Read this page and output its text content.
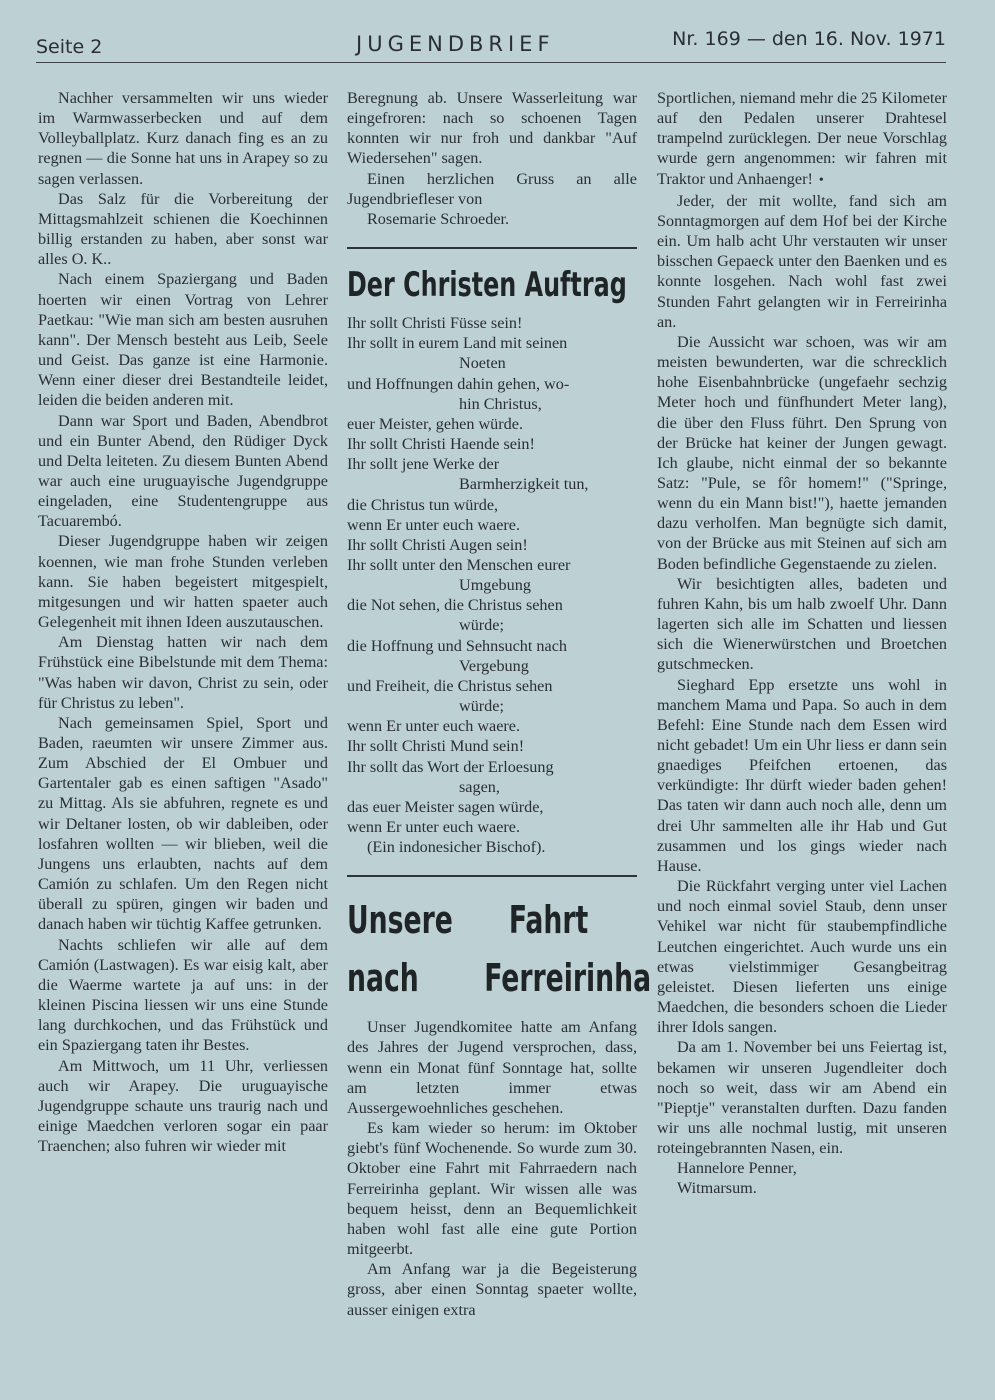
Seite 2	JUGENDBRIEF	Nr. 169 — den 16. Nov. 1971

Nachher versammelten wir uns wieder im Warmwasserbecken und auf dem Volleyballplatz. Kurz danach fing es an zu regnen — die Sonne hat uns in Arapey so zu sagen verlassen.

Das Salz für die Vorbereitung der Mittagsmahlzeit schienen die Koechinnen billig erstanden zu haben, aber sonst war alles O. K..

Nach einem Spaziergang und Baden hoerten wir einen Vortrag von Lehrer Paetkau: "Wie man sich am besten ausruhen kann". Der Mensch besteht aus Leib, Seele und Geist. Das ganze ist eine Harmonie. Wenn einer dieser drei Bestandteile leidet, leiden die beiden anderen mit.

Dann war Sport und Baden, Abendbrot und ein Bunter Abend, den Rüdiger Dyck und Delta leiteten. Zu diesem Bunten Abend war auch eine uruguayische Jugendgruppe eingeladen, eine Studentengruppe aus Tacuarembó.

Dieser Jugendgruppe haben wir zeigen koennen, wie man frohe Stunden verleben kann. Sie haben begeistert mitgespielt, mitgesungen und wir hatten spaeter auch Gelegenheit mit ihnen Ideen auszutauschen.

Am Dienstag hatten wir nach dem Frühstück eine Bibelstunde mit dem Thema: "Was haben wir davon, Christ zu sein, oder für Christus zu leben".

Nach gemeinsamen Spiel, Sport und Baden, raeumten wir unsere Zimmer aus. Zum Abschied der El Ombuer und Gartentaler gab es einen saftigen "Asado" zu Mittag. Als sie abfuhren, regnete es und wir Deltaner losten, ob wir dableiben, oder losfahren wollten — wir blieben, weil die Jungens uns erlaubten, nachts auf dem Camión zu schlafen. Um den Regen nicht überall zu spüren, gingen wir baden und danach haben wir tüchtig Kaffee getrunken.

Nachts schliefen wir alle auf dem Camión (Lastwagen). Es war eisig kalt, aber die Waerme wartete ja auf uns: in der kleinen Piscina liessen wir uns eine Stunde lang durchkochen, und das Frühstück und ein Spaziergang taten ihr Bestes.

Am Mittwoch, um 11 Uhr, verliessen auch wir Arapey. Die uruguayische Jugendgruppe schaute uns traurig nach und einige Maedchen verloren sogar ein paar Traenchen; also fuhren wir wieder mit

Beregnung ab. Unsere Wasserleitung war eingefroren: nach so schoenen Tagen konnten wir nur froh und dankbar "Auf Wiedersehen" sagen.

Einen herzlichen Gruss an alle Jugendbriefleser von

Rosemarie Schroeder.

Der Christen Auftrag
Ihr sollt Christi Füsse sein!
Ihr sollt in eurem Land mit seinen
Noeten
und Hoffnungen dahin gehen, wo-
hin Christus,
euer Meister, gehen würde.
Ihr sollt Christi Haende sein!
Ihr sollt jene Werke der
Barmherzigkeit tun,
die Christus tun würde,
wenn Er unter euch waere.
Ihr sollt Christi Augen sein!
Ihr sollt unter den Menschen eurer
Umgebung
die Not sehen, die Christus sehen
würde;
die Hoffnung und Sehnsucht nach
Vergebung
und Freiheit, die Christus sehen
würde;
wenn Er unter euch waere.
Ihr sollt Christi Mund sein!
Ihr sollt das Wort der Erloesung
sagen,
das euer Meister sagen würde,
wenn Er unter euch waere.

(Ein indonesicher Bischof).

Unsere Fahrt
nach Ferreirinha

Unser Jugendkomitee hatte am Anfang des Jahres der Jugend versprochen, dass, wenn ein Monat fünf Sonntage hat, sollte am letzten immer etwas Aussergewoehnliches geschehen.

Es kam wieder so herum: im Oktober giebt's fünf Wochenende. So wurde zum 30. Oktober eine Fahrt mit Fahrraedern nach Ferreirinha geplant. Wir wissen alle was bequem heisst, denn an Bequemlichkeit haben wohl fast alle eine gute Portion mitgeerbt.

Am Anfang war ja die Begeisterung gross, aber einen Sonntag spaeter wollte, ausser einigen extra

Sportlichen, niemand mehr die 25 Kilometer auf den Pedalen unserer Drahtesel trampelnd zurücklegen. Der neue Vorschlag wurde gern angenommen: wir fahren mit Traktor und Anhaenger! •

Jeder, der mit wollte, fand sich am Sonntagmorgen auf dem Hof bei der Kirche ein. Um halb acht Uhr verstauten wir unser bisschen Gepaeck unter den Baenken und es konnte losgehen. Nach wohl fast zwei Stunden Fahrt gelangten wir in Ferreirinha an.

Die Aussicht war schoen, was wir am meisten bewunderten, war die schrecklich hohe Eisenbahnbrücke (ungefaehr sechzig Meter hoch und fünfhundert Meter lang), die über den Fluss führt. Den Sprung von der Brücke hat keiner der Jungen gewagt. Ich glaube, nicht einmal der so bekannte Satz: "Pule, se fôr homem!" ("Springe, wenn du ein Mann bist!"), haette jemanden dazu verholfen. Man begnügte sich damit, von der Brücke aus mit Steinen auf sich am Boden befindliche Gegenstaende zu zielen.

Wir besichtigten alles, badeten und fuhren Kahn, bis um halb zwoelf Uhr. Dann lagerten sich alle im Schatten und liessen sich die Wienerwürstchen und Broetchen gutschmecken.

Sieghard Epp ersetzte uns wohl in manchem Mama und Papa. So auch in dem Befehl: Eine Stunde nach dem Essen wird nicht gebadet! Um ein Uhr liess er dann sein gnaediges Pfeifchen ertoenen, das verkündigte: Ihr dürft wieder baden gehen! Das taten wir dann auch noch alle, denn um drei Uhr sammelten alle ihr Hab und Gut zusammen und los gings wieder nach Hause.

Die Rückfahrt verging unter viel Lachen und noch einmal soviel Staub, denn unser Vehikel war nicht für staubempfindliche Leutchen eingerichtet. Auch wurde uns ein etwas vielstimmiger Gesangbeitrag geleistet. Diesen lieferten uns einige Maedchen, die besonders schoen die Lieder ihrer Idols sangen.

Da am 1. November bei uns Feiertag ist, bekamen wir unseren Jugendleiter doch noch so weit, dass wir am Abend ein "Pieptje" veranstalten durften. Dazu fanden wir uns alle nochmal lustig, mit unseren roteingebrannten Nasen, ein.

Hannelore Penner,

Witmarsum.
